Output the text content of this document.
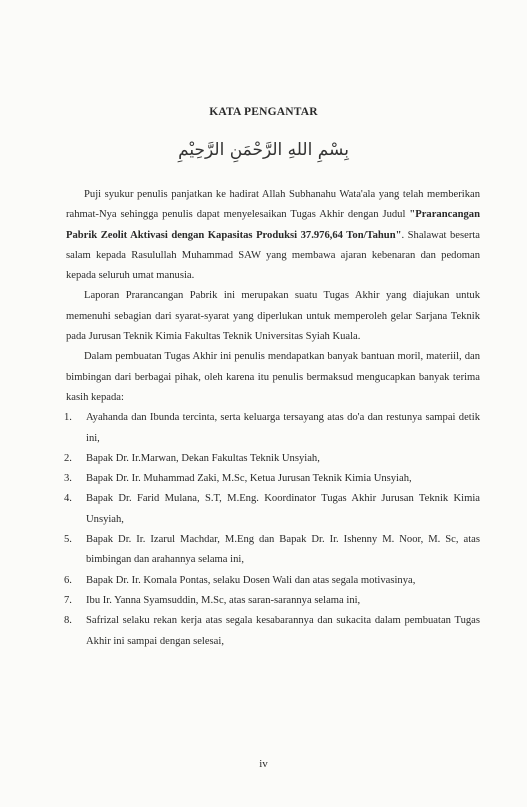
KATA PENGANTAR
بِسْمِ اللهِ الرَّحْمَنِ الرَّحِيْمِ

Puji syukur penulis panjatkan ke hadirat Allah Subhanahu Wata'ala yang telah memberikan rahmat-Nya sehingga penulis dapat menyelesaikan Tugas Akhir dengan Judul "Prarancangan Pabrik Zeolit Aktivasi dengan Kapasitas Produksi 37.976,64 Ton/Tahun". Shalawat beserta salam kepada Rasulullah Muhammad SAW yang membawa ajaran kebenaran dan pedoman kepada seluruh umat manusia.

Laporan Prarancangan Pabrik ini merupakan suatu Tugas Akhir yang diajukan untuk memenuhi sebagian dari syarat-syarat yang diperlukan untuk memperoleh gelar Sarjana Teknik pada Jurusan Teknik Kimia Fakultas Teknik Universitas Syiah Kuala.

Dalam pembuatan Tugas Akhir ini penulis mendapatkan banyak bantuan moril, materiil, dan bimbingan dari berbagai pihak, oleh karena itu penulis bermaksud mengucapkan banyak terima kasih kepada:

1. Ayahanda dan Ibunda tercinta, serta keluarga tersayang atas do'a dan restunya sampai detik ini,
2. Bapak Dr. Ir.Marwan, Dekan Fakultas Teknik Unsyiah,
3. Bapak Dr. Ir. Muhammad Zaki, M.Sc, Ketua Jurusan Teknik Kimia Unsyiah,
4. Bapak Dr. Farid Mulana, S.T, M.Eng. Koordinator Tugas Akhir Jurusan Teknik Kimia Unsyiah,
5. Bapak Dr. Ir. Izarul Machdar, M.Eng dan Bapak Dr. Ir. Ishenny M. Noor, M. Sc, atas bimbingan dan arahannya selama ini,
6. Bapak Dr. Ir. Komala Pontas, selaku Dosen Wali dan atas segala motivasinya,
7. Ibu Ir. Yanna Syamsuddin, M.Sc, atas saran-sarannya selama ini,
8. Safrizal selaku rekan kerja atas segala kesabarannya dan sukacita dalam pembuatan Tugas Akhir ini sampai dengan selesai,
iv
